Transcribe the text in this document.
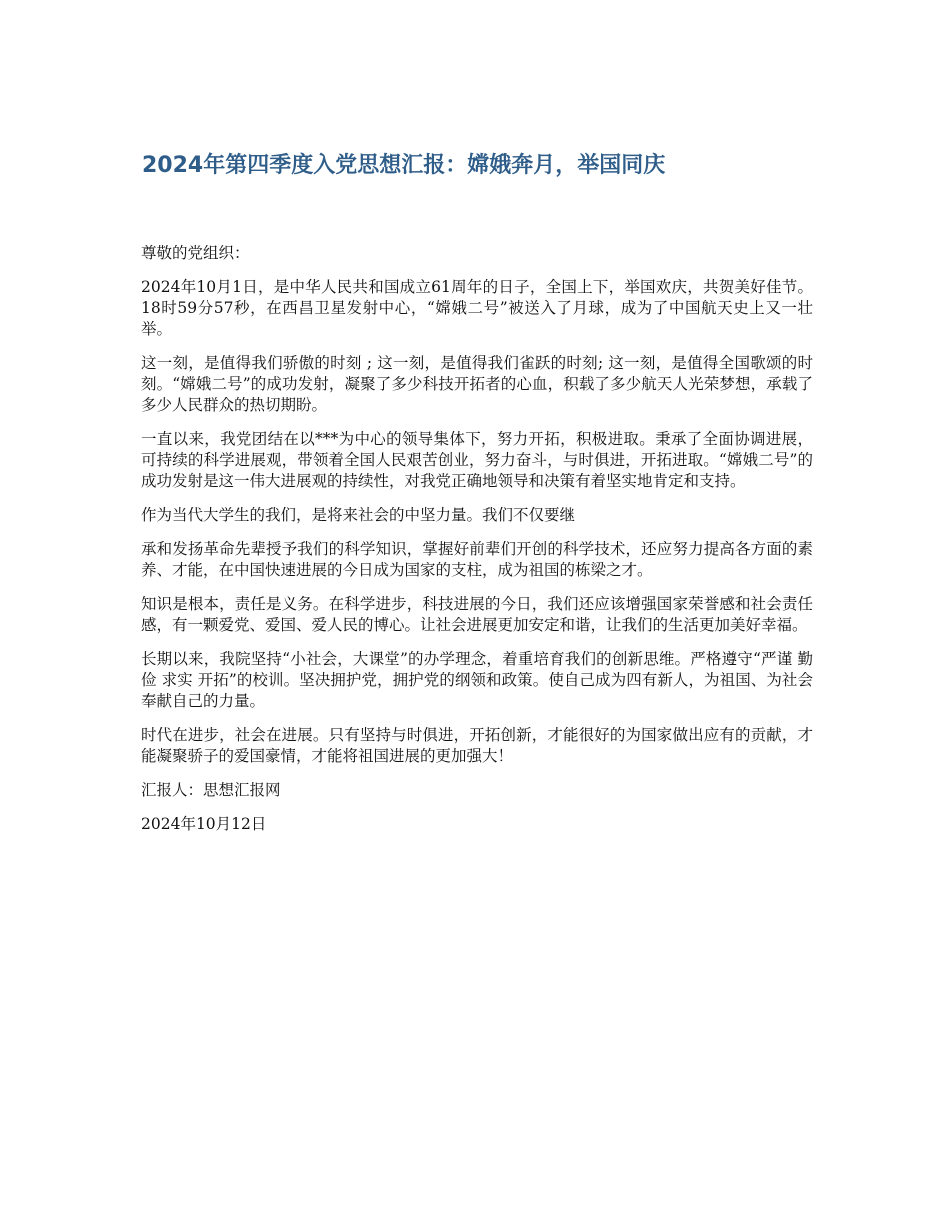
2024年第四季度入党思想汇报：嫦娥奔月，举国同庆

尊敬的党组织：

2024年10月1日，是中华人民共和国成立61周年的日子，全国上下，举国欢庆，共贺美好佳节。18时59分57秒，在西昌卫星发射中心，“嫦娥二号”被送入了月球，成为了中国航天史上又一壮举。

这一刻，是值得我们骄傲的时刻 ; 这一刻，是值得我们雀跃的时刻; 这一刻，是值得全国歌颂的时刻。“嫦娥二号”的成功发射，凝聚了多少科技开拓者的心血，积载了多少航天人光荣梦想，承载了多少人民群众的热切期盼。

一直以来，我党团结在以***为中心的领导集体下，努力开拓，积极进取。秉承了全面协调进展，可持续的科学进展观，带领着全国人民艰苦创业，努力奋斗，与时俱进，开拓进取。“嫦娥二号”的成功发射是这一伟大进展观的持续性，对我党正确地领导和决策有着坚实地肯定和支持。

作为当代大学生的我们，是将来社会的中坚力量。我们不仅要继

承和发扬革命先辈授予我们的科学知识，掌握好前辈们开创的科学技术，还应努力提高各方面的素养、才能，在中国快速进展的今日成为国家的支柱，成为祖国的栋梁之才。

知识是根本，责任是义务。在科学进步，科技进展的今日，我们还应该增强国家荣誉感和社会责任感，有一颗爱党、爱国、爱人民的博心。让社会进展更加安定和谐，让我们的生活更加美好幸福。

长期以来，我院坚持“小社会，大课堂”的办学理念，着重培育我们的创新思维。严格遵守“严谨 勤俭 求实 开拓”的校训。坚决拥护党，拥护党的纲领和政策。使自己成为四有新人，为祖国、为社会奉献自己的力量。

时代在进步，社会在进展。只有坚持与时俱进，开拓创新，才能很好的为国家做出应有的贡献，才能凝聚骄子的爱国豪情，才能将祖国进展的更加强大！

汇报人：思想汇报网

2024年10月12日
